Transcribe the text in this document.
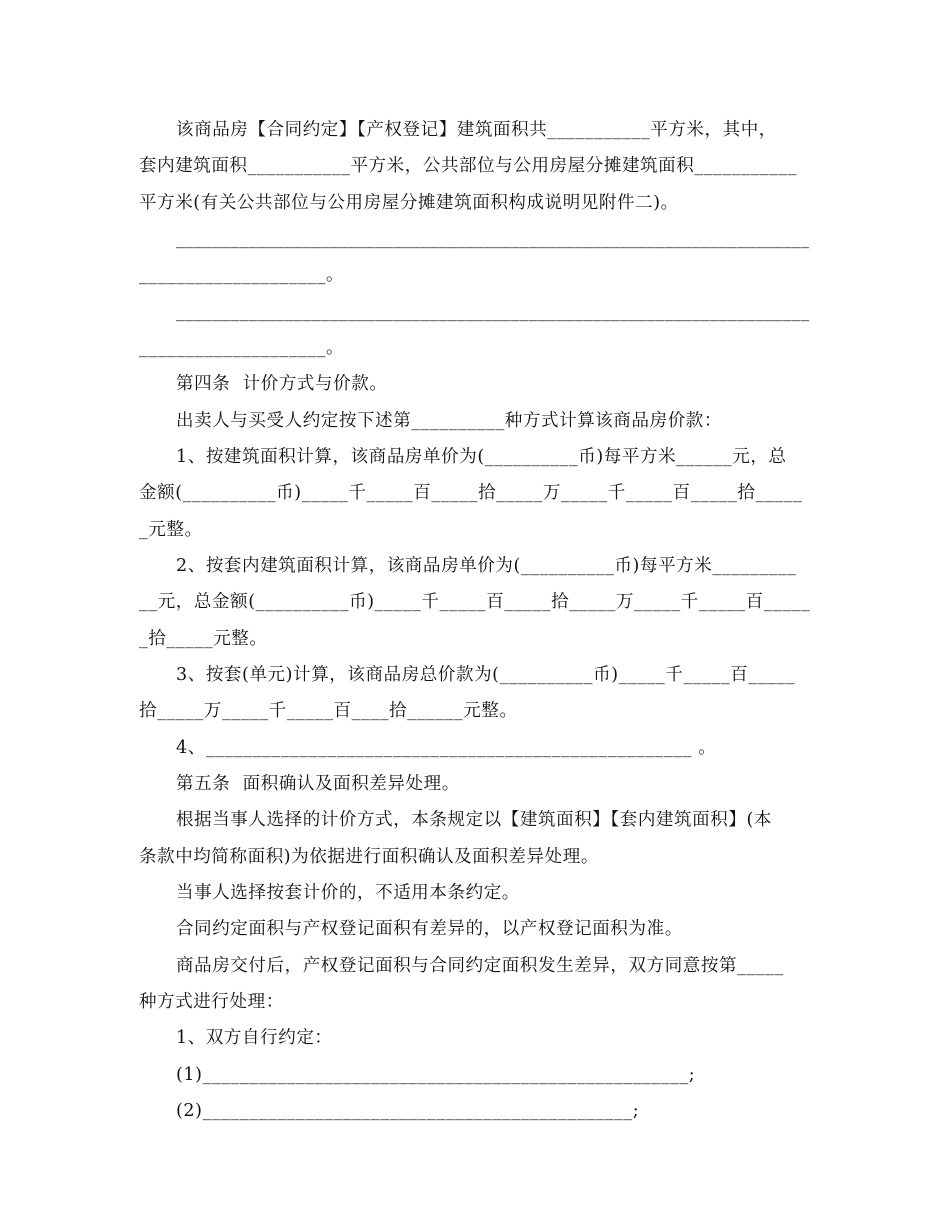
该商品房【合同约定】【产权登记】建筑面积共___________平方米，其中，
套内建筑面积___________平方米，公共部位与公用房屋分摊建筑面积___________
平方米(有关公共部位与公用房屋分摊建筑面积构成说明见附件二)。
______________________________________________________________________
____________________。
______________________________________________________________________
____________________。
第四条  计价方式与价款。
出卖人与买受人约定按下述第__________种方式计算该商品房价款：
1、按建筑面积计算，该商品房单价为(__________币)每平方米______元，总
金额(__________币)_____千_____百_____拾_____万_____千_____百_____拾_____
_元整。
2、按套内建筑面积计算，该商品房单价为(__________币)每平方米_________
__元，总金额(__________币)_____千_____百_____拾_____万_____千_____百_____
_拾_____元整。
3、按套(单元)计算，该商品房总价款为(__________币)_____千_____百_____
拾_____万_____千_____百____拾______元整。
4、____________________________________________________ 。
第五条  面积确认及面积差异处理。
根据当事人选择的计价方式，本条规定以【建筑面积】【套内建筑面积】(本
条款中均简称面积)为依据进行面积确认及面积差异处理。
当事人选择按套计价的，不适用本条约定。
合同约定面积与产权登记面积有差异的，以产权登记面积为准。
商品房交付后，产权登记面积与合同约定面积发生差异，双方同意按第_____
种方式进行处理：
1、双方自行约定：
(1)____________________________________________________;
(2)______________________________________________;
